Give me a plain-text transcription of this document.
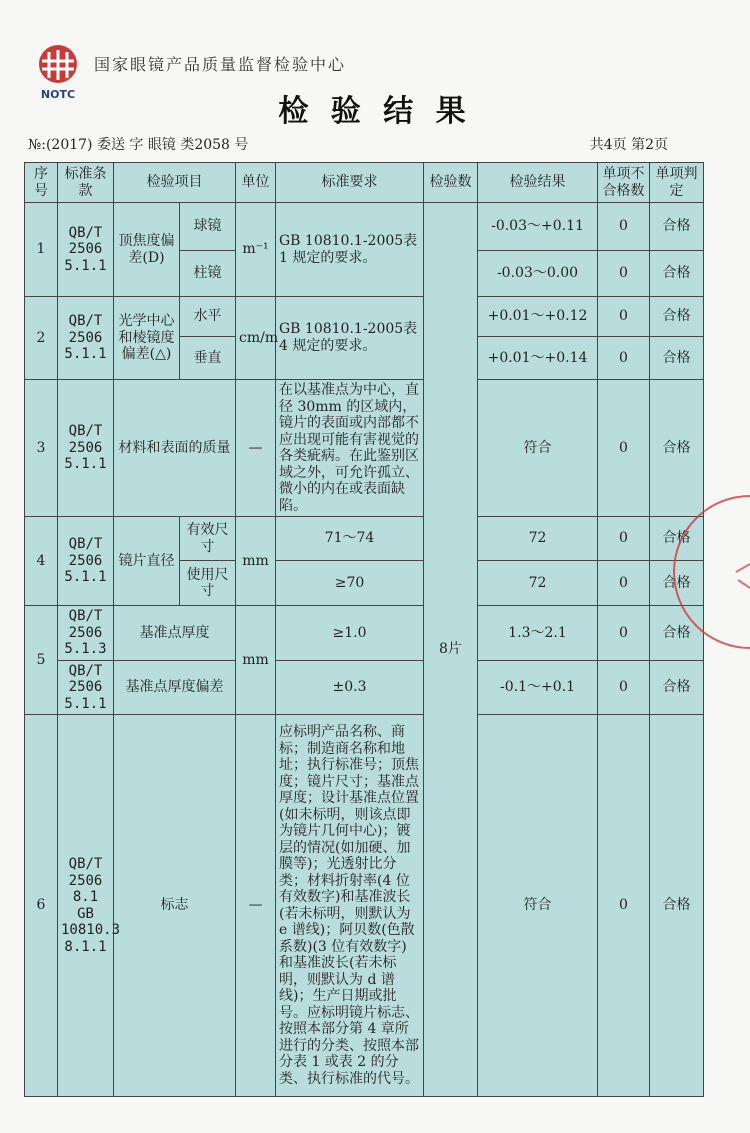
NOTC
国家眼镜产品质量监督检验中心
检 验 结 果
№:(2017) 委送 字 眼镜 类2058 号	共4页 第2页
序号	标准条款	检验项目		单位	标准要求	检验数	检验结果	单项不合格数	单项判定
1	QB/T 2506 5.1.1	顶焦度偏差(D)	球镜	m⁻¹	GB 10810.1-2005表 1 规定的要求。	8片	-0.03～+0.11	0	合格
			柱镜				-0.03～0.00	0	合格
2	QB/T 2506 5.1.1	光学中心和棱镜度偏差(△)	水平	cm/m	GB 10810.1-2005表 4 规定的要求。		+0.01～+0.12	0	合格
			垂直				+0.01～+0.14	0	合格
3	QB/T 2506 5.1.1	材料和表面的质量		—	在以基准点为中心，直径 30mm 的区域内，镜片的表面或内部都不应出现可能有害视觉的各类疵病。在此鉴别区域之外，可允许孤立、微小的内在或表面缺陷。		符合	0	合格
4	QB/T 2506 5.1.1	镜片直径	有效尺寸	mm	71～74		72	0	合格
			使用尺寸		≥70		72	0	合格
5	QB/T 2506 5.1.3	基准点厚度		mm	≥1.0		1.3～2.1	0	合格
	QB/T 2506 5.1.1	基准点厚度偏差			±0.3		-0.1～+0.1	0	合格
6	QB/T 2506 8.1 GB 10810.3 8.1.1	标志		—	应标明产品名称、商标；制造商名称和地址；执行标准号；顶焦度；镜片尺寸；基准点厚度；设计基准点位置(如未标明，则该点即为镜片几何中心)；镀层的情况(如加硬、加膜等)；光透射比分类；材料折射率(4 位有效数字)和基准波长(若未标明，则默认为 e 谱线)；阿贝数(色散系数)(3 位有效数字)和基准波长(若未标明，则默认为 d 谱线)；生产日期或批号。应标明镜片标志、按照本部分第 4 章所进行的分类、按照本部分表 1 或表 2 的分类、执行标准的代号。		符合	0	合格
